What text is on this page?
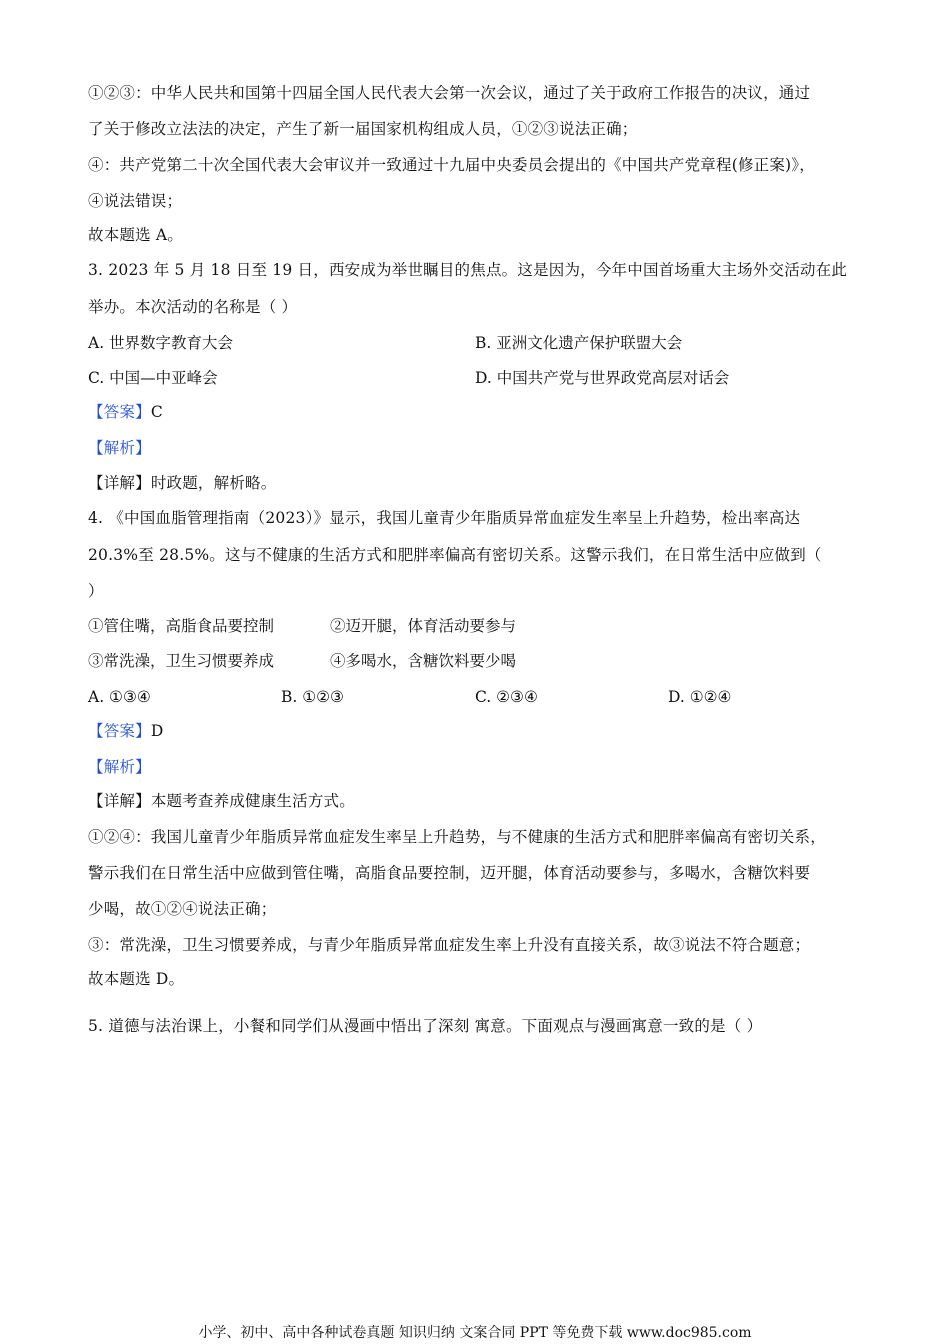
①②③：中华人民共和国第十四届全国人民代表大会第一次会议，通过了关于政府工作报告的决议，通过
了关于修改立法法的决定，产生了新一届国家机构组成人员，①②③说法正确；
④：共产党第二十次全国代表大会审议并一致通过十九届中央委员会提出的《中国共产党章程(修正案)》，
④说法错误；
故本题选 A。
3. 2023 年 5 月 18 日至 19 日，西安成为举世瞩目的焦点。这是因为，今年中国首场重大主场外交活动在此
举办。本次活动的名称是（ ）
A. 世界数字教育大会	B. 亚洲文化遗产保护联盟大会
C. 中国—中亚峰会	D. 中国共产党与世界政党高层对话会
【答案】C
【解析】
【详解】时政题，解析略。
4. 《中国血脂管理指南（2023）》显示，我国儿童青少年脂质异常血症发生率呈上升趋势，检出率高达
20.3%至 28.5%。这与不健康的生活方式和肥胖率偏高有密切关系。这警示我们，在日常生活中应做到（
）
①管住嘴，高脂食品要控制	②迈开腿，体育活动要参与
③常洗澡，卫生习惯要养成	④多喝水，含糖饮料要少喝
A. ①③④	B. ①②③	C. ②③④	D. ①②④
【答案】D
【解析】
【详解】本题考查养成健康生活方式。
①②④：我国儿童青少年脂质异常血症发生率呈上升趋势，与不健康的生活方式和肥胖率偏高有密切关系，
警示我们在日常生活中应做到管住嘴，高脂食品要控制，迈开腿，体育活动要参与，多喝水，含糖饮料要
少喝，故①②④说法正确；
③：常洗澡，卫生习惯要养成，与青少年脂质异常血症发生率上升没有直接关系，故③说法不符合题意；
故本题选 D。
5. 道德与法治课上，小餐和同学们从漫画中悟出了深刻 寓意。下面观点与漫画寓意一致的是（ ）
小学、初中、高中各种试卷真题 知识归纳 文案合同 PPT 等免费下载 www.doc985.com
